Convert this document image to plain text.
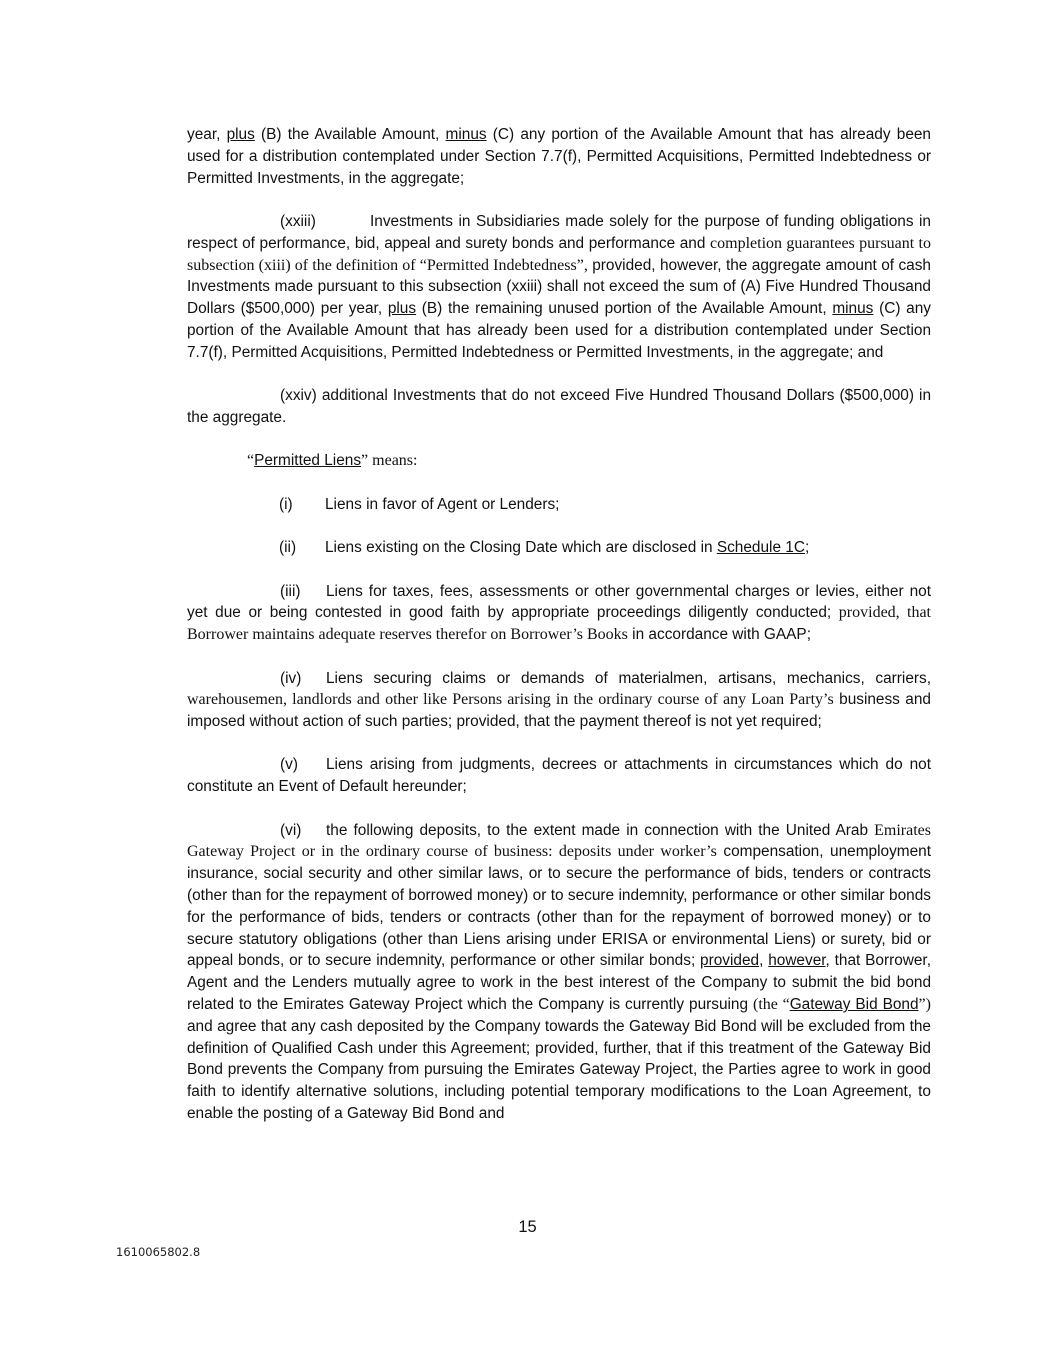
year, plus (B) the Available Amount, minus (C) any portion of the Available Amount that has already been used for a distribution contemplated under Section 7.7(f), Permitted Acquisitions, Permitted Indebtedness or Permitted Investments, in the aggregate;

(xxiii)	Investments in Subsidiaries made solely for the purpose of funding obligations in respect of performance, bid, appeal and surety bonds and performance and completion guarantees pursuant to subsection (xiii) of the definition of “Permitted Indebtedness”, provided, however, the aggregate amount of cash Investments made pursuant to this subsection (xxiii) shall not exceed the sum of (A) Five Hundred Thousand Dollars ($500,000) per year, plus (B) the remaining unused portion of the Available Amount, minus (C) any portion of the Available Amount that has already been used for a distribution contemplated under Section 7.7(f), Permitted Acquisitions, Permitted Indebtedness or Permitted Investments, in the aggregate; and

(xxiv) additional Investments that do not exceed Five Hundred Thousand Dollars ($500,000) in the aggregate.

“Permitted Liens” means:

(i)	Liens in favor of Agent or Lenders;
(ii)	Liens existing on the Closing Date which are disclosed in Schedule 1C;

(iii) Liens for taxes, fees, assessments or other governmental charges or levies, either not yet due or being contested in good faith by appropriate proceedings diligently conducted; provided, that Borrower maintains adequate reserves therefor on Borrower’s Books in accordance with GAAP;

(iv) Liens securing claims or demands of materialmen, artisans, mechanics, carriers, warehousemen, landlords and other like Persons arising in the ordinary course of any Loan Party’s business and imposed without action of such parties; provided, that the payment thereof is not yet required;

(v) Liens arising from judgments, decrees or attachments in circumstances which do not constitute an Event of Default hereunder;

(vi) the following deposits, to the extent made in connection with the United Arab Emirates Gateway Project or in the ordinary course of business: deposits under worker’s compensation, unemployment insurance, social security and other similar laws, or to secure the performance of bids, tenders or contracts (other than for the repayment of borrowed money) or to secure indemnity, performance or other similar bonds for the performance of bids, tenders or contracts (other than for the repayment of borrowed money) or to secure statutory obligations (other than Liens arising under ERISA or environmental Liens) or surety, bid or appeal bonds, or to secure indemnity, performance or other similar bonds; provided, however, that Borrower, Agent and the Lenders mutually agree to work in the best interest of the Company to submit the bid bond related to the Emirates Gateway Project which the Company is currently pursuing (the “Gateway Bid Bond”) and agree that any cash deposited by the Company towards the Gateway Bid Bond will be excluded from the definition of Qualified Cash under this Agreement; provided, further, that if this treatment of the Gateway Bid Bond prevents the Company from pursuing the Emirates Gateway Project, the Parties agree to work in good faith to identify alternative solutions, including potential temporary modifications to the Loan Agreement, to enable the posting of a Gateway Bid Bond and

15
1610065802.8
